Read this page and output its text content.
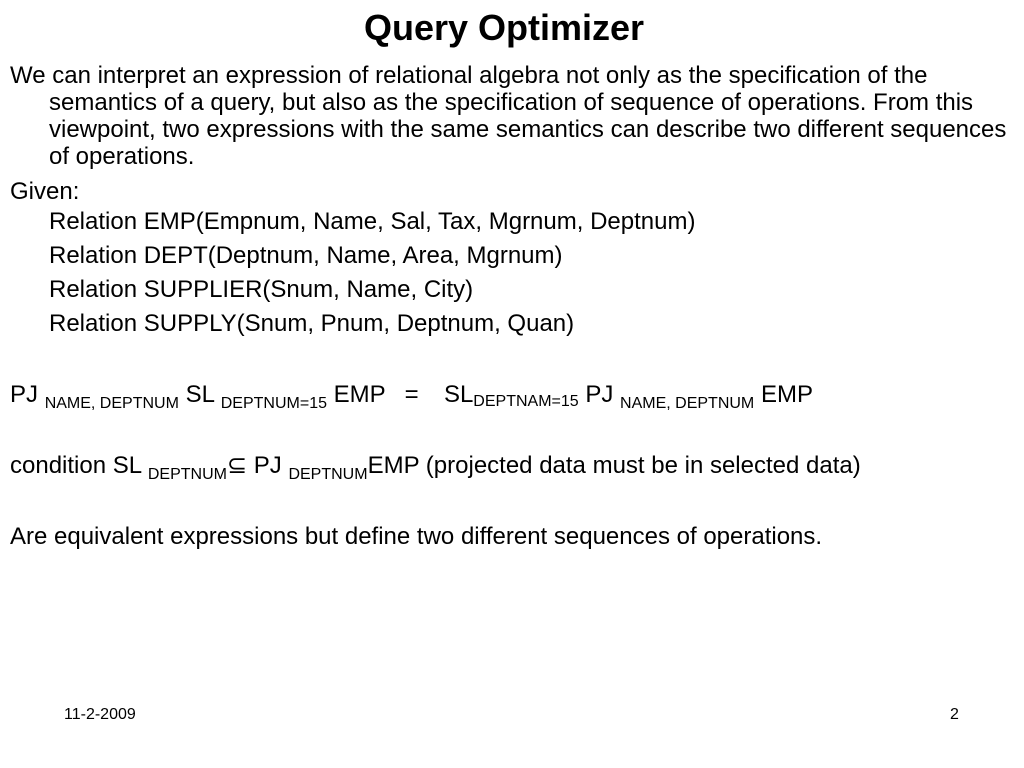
Query Optimizer

We can interpret an expression of relational algebra not only as the specification of the semantics of a query, but also as the specification of sequence of operations. From this viewpoint, two expressions with the same semantics can describe two different sequences of operations.

Given:

Relation EMP(Empnum, Name, Sal, Tax, Mgrnum, Deptnum)

Relation DEPT(Deptnum, Name, Area, Mgrnum)

Relation SUPPLIER(Snum, Name, City)

Relation SUPPLY(Snum, Pnum, Deptnum, Quan)

PJ $_{NAME, DEPTNUM}$ SL $_{DEPTNUM=15}$ EMP = SLDEPTNAM=15 PJ $_{NAME, DEPTNUM}$ EMP
condition SL $_{DEPTNUM}$⊆ PJ $_{DEPTNUM}$EMP (projected data must be in selected data)

Are equivalent expressions but define two different sequences of operations.

11-2-2009	2
